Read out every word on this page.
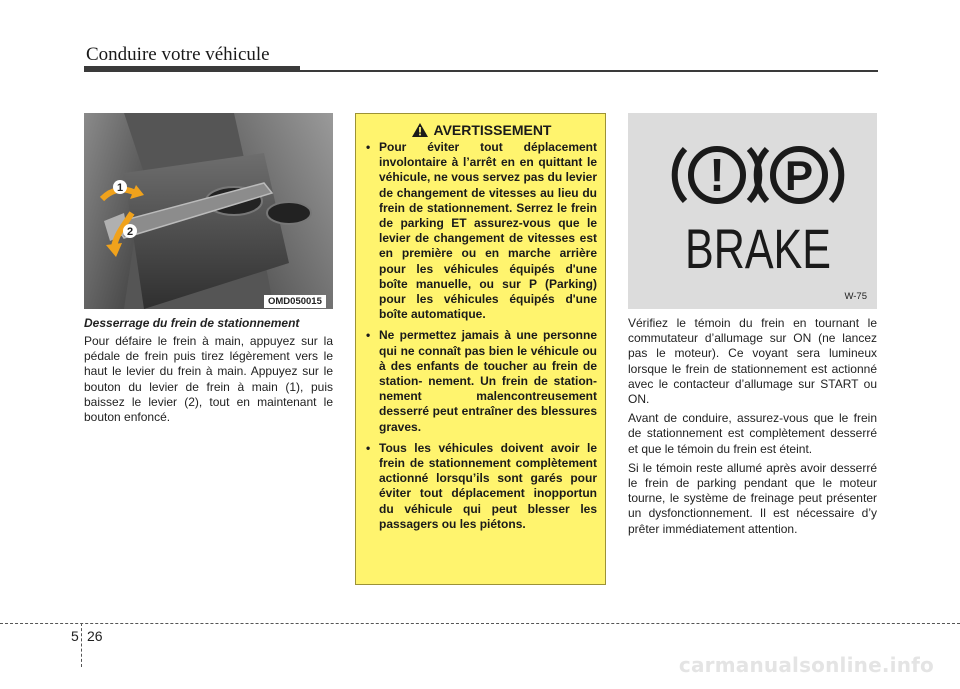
Conduire votre véhicule
1
2
OMD050015
Desserrage du frein de stationnement
Pour défaire le frein à main, appuyez sur la pédale de frein puis tirez légèrement vers le haut le levier du frein à main. Appuyez sur le bouton du levier de frein à main (1), puis baissez le levier (2), tout en maintenant le bouton enfoncé.
AVERTISSEMENT
• Pour éviter tout déplacement involontaire à l’arrêt en en quittant le véhicule, ne vous servez pas du levier de changement de vitesses au lieu du frein de stationnement. Serrez le frein de parking ET assurez-vous que le levier de changement de vitesses est en première ou en marche arrière pour les véhicules équipés d'une boîte manuelle, ou sur P (Parking) pour les véhicules équipés d'une boîte automatique.
• Ne permettez jamais à une personne qui ne connaît pas bien le véhicule ou à des enfants de toucher au frein de station- nement. Un frein de station- nement malencontreusement desserré peut entraîner des blessures graves.
• Tous les véhicules doivent avoir le frein de stationnement complètement actionné lorsqu’ils sont garés pour éviter tout déplacement inopportun du véhicule qui peut blesser les passagers ou les piétons.
! P
BRAKE
W-75

Vérifiez le témoin du frein en tournant le commutateur d’allumage sur ON (ne lancez pas le moteur). Ce voyant sera lumineux lorsque le frein de stationnement est actionné avec le contacteur d’allumage sur START ou ON.

Avant de conduire, assurez-vous que le frein de stationnement est complètement desserré et que le témoin du frein est éteint.

Si le témoin reste allumé après avoir desserré le frein de parking pendant que le moteur tourne, le système de freinage peut présenter un dysfonctionnement. Il est nécessaire d’y prêter immédiatement attention.

5 26
carmanualsonline.info
